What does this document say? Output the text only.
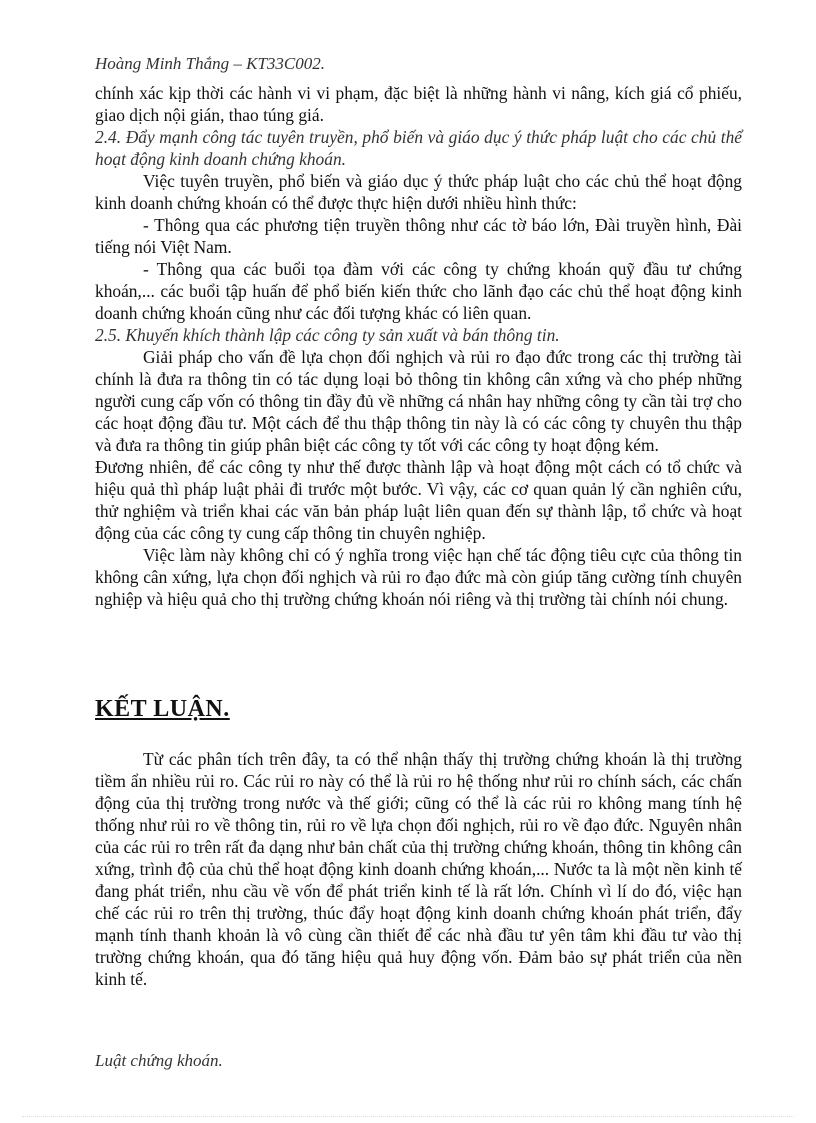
Hoàng Minh Thắng – KT33C002.

chính xác kịp thời các hành vi vi phạm, đặc biệt là những hành vi nâng, kích giá cổ phiếu, giao dịch nội gián, thao túng giá.

2.4. Đẩy mạnh công tác tuyên truyền, phổ biến và giáo dục ý thức pháp luật cho các chủ thể hoạt động kinh doanh chứng khoán.

Việc tuyên truyền, phổ biến và giáo dục ý thức pháp luật cho các chủ thể hoạt động kinh doanh chứng khoán có thể được thực hiện dưới nhiều hình thức:

- Thông qua các phương tiện truyền thông như các tờ báo lớn, Đài truyền hình, Đài tiếng nói Việt Nam.

- Thông qua các buổi tọa đàm với các công ty chứng khoán quỹ đầu tư chứng khoán,... các buổi tập huấn để phổ biến kiến thức cho lãnh đạo các chủ thể hoạt động kinh doanh chứng khoán cũng như các đối tượng khác có liên quan.

2.5. Khuyến khích thành lập các công ty sản xuất và bán thông tin.

Giải pháp cho vấn đề lựa chọn đối nghịch và rủi ro đạo đức trong các thị trường tài chính là đưa ra thông tin có tác dụng loại bỏ thông tin không cân xứng và cho phép những người cung cấp vốn có thông tin đầy đủ về những cá nhân hay những công ty cần tài trợ cho các hoạt động đầu tư. Một cách để thu thập thông tin này là có các công ty chuyên thu thập và đưa ra thông tin giúp phân biệt các công ty tốt với các công ty hoạt động kém.

Đương nhiên, để các công ty như thế được thành lập và hoạt động một cách có tổ chức và hiệu quả thì pháp luật phải đi trước một bước. Vì vậy, các cơ quan quản lý cần nghiên cứu, thử nghiệm và triển khai các văn bản pháp luật liên quan đến sự thành lập, tổ chức và hoạt động của các công ty cung cấp thông tin chuyên nghiệp.

Việc làm này không chỉ có ý nghĩa trong việc hạn chế tác động tiêu cực của thông tin không cân xứng, lựa chọn đối nghịch và rủi ro đạo đức mà còn giúp tăng cường tính chuyên nghiệp và hiệu quả cho thị trường chứng khoán nói riêng và thị trường tài chính nói chung.

KẾT LUẬN.

Từ các phân tích trên đây, ta có thể nhận thấy thị trường chứng khoán là thị trường tiềm ẩn nhiều rủi ro. Các rủi ro này có thể là rủi ro hệ thống như rủi ro chính sách, các chấn động của thị trường trong nước và thế giới; cũng có thể là các rủi ro không mang tính hệ thống như rủi ro về thông tin, rủi ro về lựa chọn đối nghịch, rủi ro về đạo đức. Nguyên nhân của các rủi ro trên rất đa dạng như bản chất của thị trường chứng khoán, thông tin không cân xứng, trình độ của chủ thể hoạt động kinh doanh chứng khoán,... Nước ta là một nền kinh tế đang phát triển, nhu cầu về vốn để phát triển kinh tế là rất lớn. Chính vì lí do đó, việc hạn chế các rủi ro trên thị trường, thúc đẩy hoạt động kinh doanh chứng khoán phát triển, đẩy mạnh tính thanh khoản là vô cùng cần thiết để các nhà đầu tư yên tâm khi đầu tư vào thị trường chứng khoán, qua đó tăng hiệu quả huy động vốn. Đảm bảo sự phát triển của nền kinh tế.

Luật chứng khoán.
